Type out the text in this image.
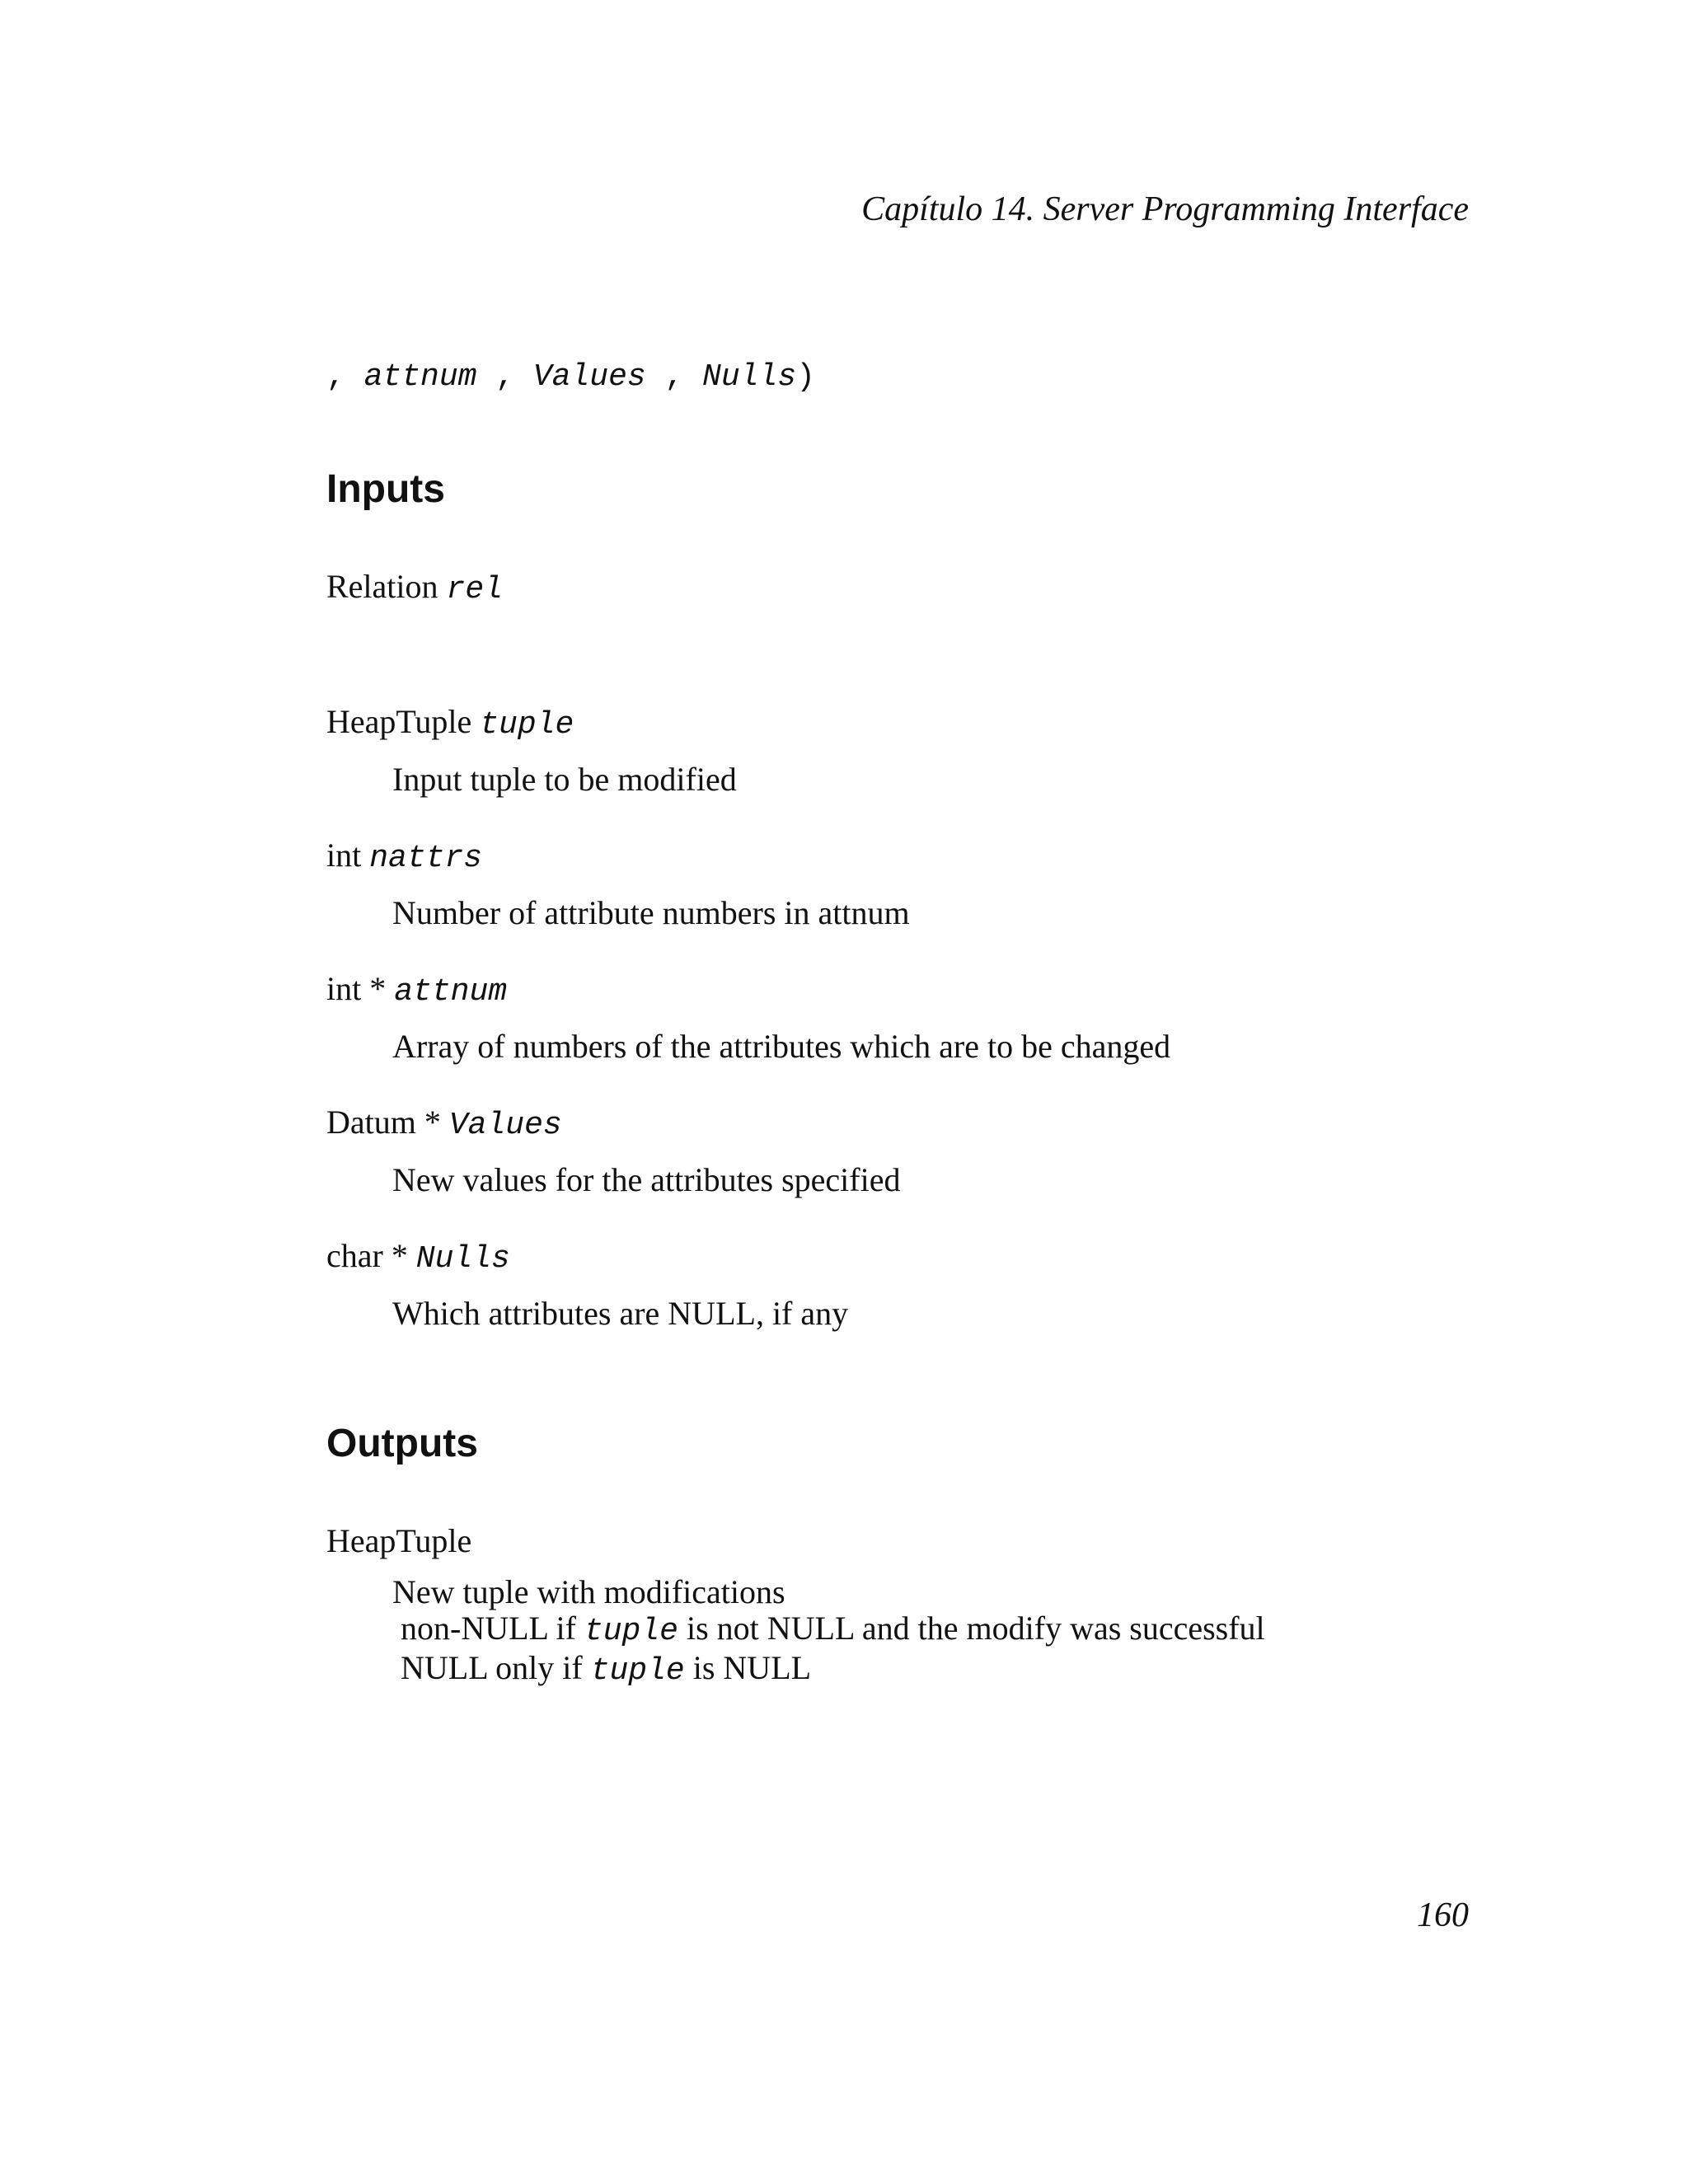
Capítulo 14. Server Programming Interface
, attnum , Values , Nulls)
Inputs
Relation rel
HeapTuple tuple
Input tuple to be modified
int nattrs
Number of attribute numbers in attnum
int * attnum
Array of numbers of the attributes which are to be changed
Datum * Values
New values for the attributes specified
char * Nulls
Which attributes are NULL, if any
Outputs
HeapTuple
New tuple with modifications
non-NULL if tuple is not NULL and the modify was successful
NULL only if tuple is NULL
160
